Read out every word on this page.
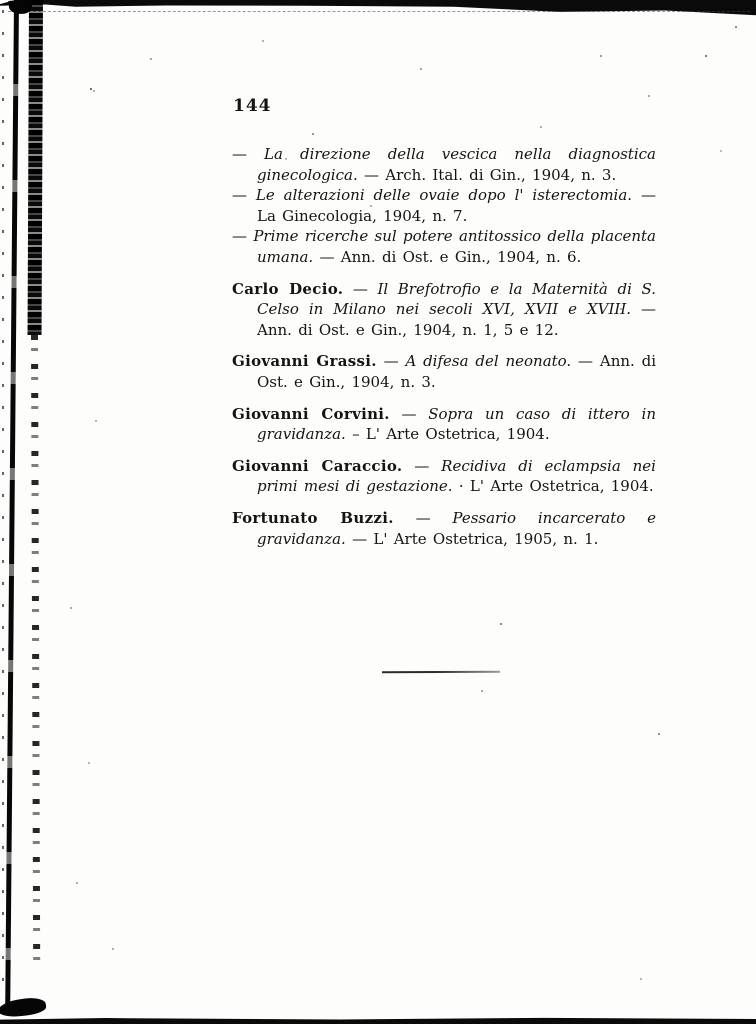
144

— La direzione della vescica nella diagnostica ginecologica. — Arch. Ital. di Gin., 1904, n. 3.

— Le alterazioni delle ovaie dopo l' isterectomia. — La Ginecologia, 1904, n. 7.

— Prime ricerche sul potere antitossico della placenta umana. — Ann. di Ost. e Gin., 1904, n. 6.

Carlo Decio. — Il Brefotrofio e la Maternità di S. Celso in Milano nei secoli XVI, XVII e XVIII. — Ann. di Ost. e Gin., 1904, n. 1, 5 e 12.

Giovanni Grassi. — A difesa del neonato. — Ann. di Ost. e Gin., 1904, n. 3.

Giovanni Corvini. — Sopra un caso di ittero in gravidanza. – L' Arte Ostetrica, 1904.

Giovanni Caraccio. — Recidiva di eclampsia nei primi mesi di gestazione. · L' Arte Ostetrica, 1904.

Fortunato Buzzi. — Pessario incarcerato e gravidanza. — L' Arte Ostetrica, 1905, n. 1.
